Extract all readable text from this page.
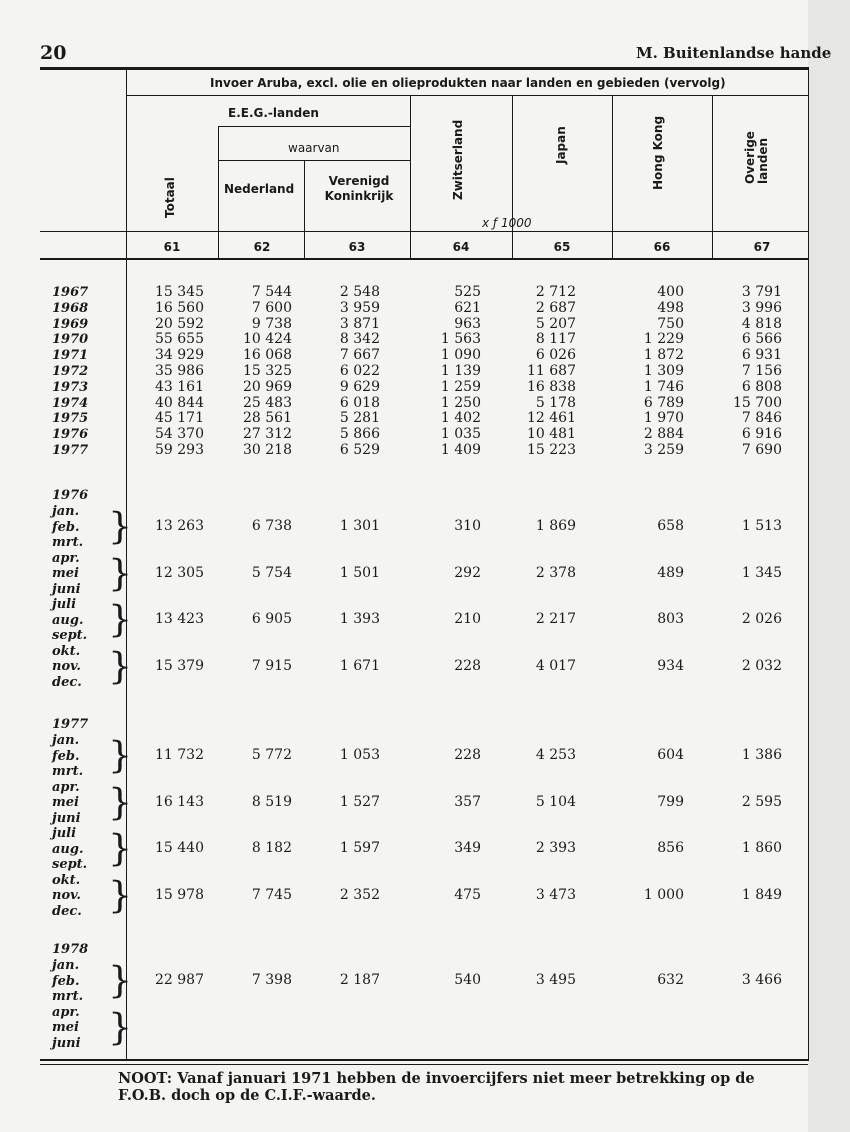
20	M. Buitenlandse hande
Invoer Aruba, excl. olie en olieprodukten naar landen en gebieden (vervolg)
E.E.G.-landen
waarvan
Totaal	Nederland
Verenigd Koninkrijk	Zwitserland	Japan	Hong Kong	Overige landen
x ƒ 1000
61	62	63	64	65	66	67
1967	15 345	7 544	2 548	525	2 712	400	3 791
1968	16 560	7 600	3 959	621	2 687	498	3 996
1969	20 592	9 738	3 871	963	5 207	750	4 818
1970	55 655	10 424	8 342	1 563	8 117	1 229	6 566
1971	34 929	16 068	7 667	1 090	6 026	1 872	6 931
1972	35 986	15 325	6 022	1 139	11 687	1 309	7 156
1973	43 161	20 969	9 629	1 259	16 838	1 746	6 808
1974	40 844	25 483	6 018	1 250	5 178	6 789	15 700
1975	45 171	28 561	5 281	1 402	12 461	1 970	7 846
1976	54 370	27 312	5 866	1 035	10 481	2 884	6 916
1977	59 293	30 218	6 529	1 409	15 223	3 259	7 690
1976
jan.
feb.
mrt. } 13 263	6 738	1 301	310	1 869	658	1 513
apr.
mei
juni } 12 305	5 754	1 501	292	2 378	489	1 345
juli
aug.
sept. } 13 423	6 905	1 393	210	2 217	803	2 026
okt.
nov.
dec. } 15 379	7 915	1 671	228	4 017	934	2 032
1977
jan.
feb.
mrt. } 11 732	5 772	1 053	228	4 253	604	1 386
apr.
mei
juni } 16 143	8 519	1 527	357	5 104	799	2 595
juli
aug.
sept. } 15 440	8 182	1 597	349	2 393	856	1 860
okt.
nov.
dec. } 15 978	7 745	2 352	475	3 473	1 000	1 849
1978
jan.
feb.
mrt. } 22 987	7 398	2 187	540	3 495	632	3 466
apr.
mei
juni }
NOOT: Vanaf januari 1971 hebben de invoercijfers niet meer betrekking op de F.O.B. doch op de C.I.F.-waarde.
